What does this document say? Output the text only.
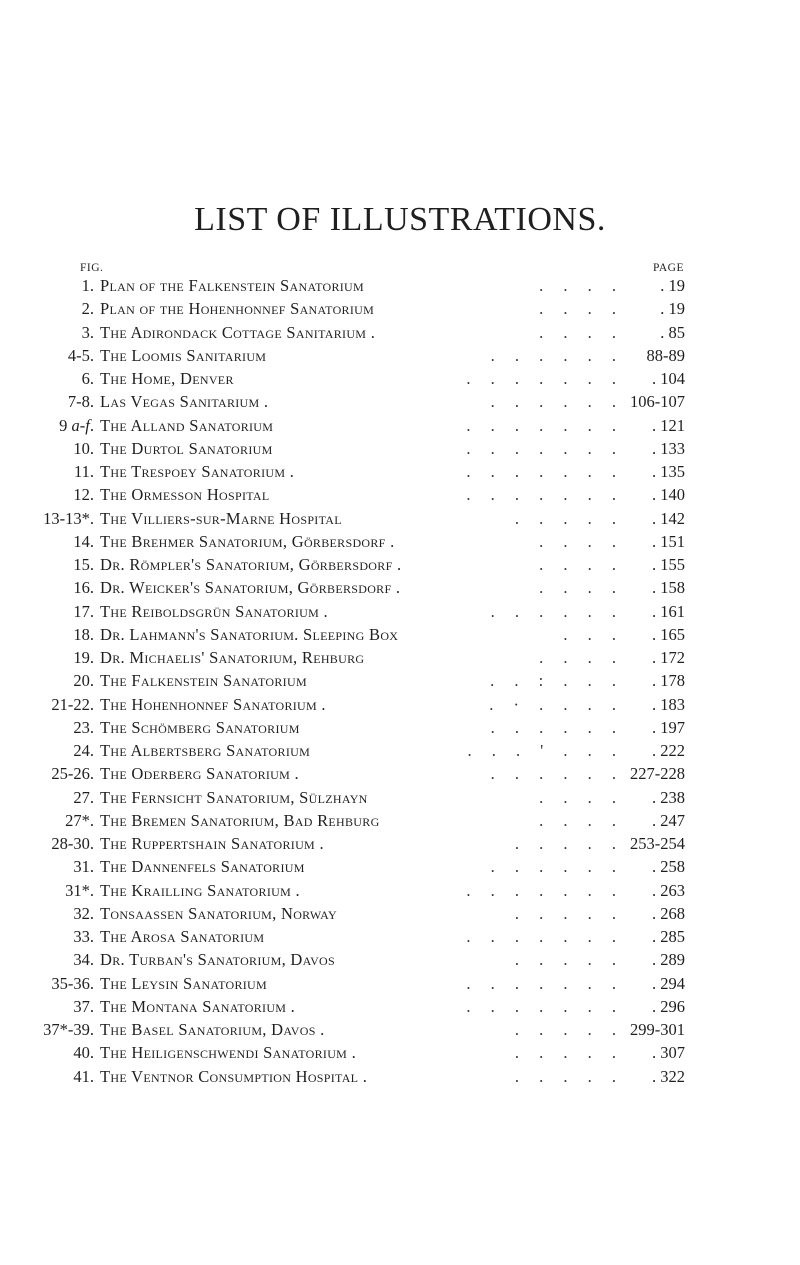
LIST OF ILLUSTRATIONS.
FIG.	PAGE
1. Plan of the Falkenstein Sanatorium	. . . . . 19
2. Plan of the Hohenhonnef Sanatorium	. . . . . 19
3. The Adirondack Cottage Sanitarium .	. . . . . 85
4-5. The Loomis Sanitarium	. . . . . . 88-89
6. The Home, Denver	. . . . . . . . 104
7-8. Las Vegas Sanitarium .	. . . . . . 106-107
9 a-f. The Alland Sanatorium	. . . . . . . . 121
10. The Durtol Sanatorium	. . . . . . . . 133
11. The Trespoey Sanatorium .	. . . . . . . . 135
12. The Ormesson Hospital	. . . . . . . . 140
13-13*. The Villiers-sur-Marne Hospital	. . . . . . 142
14. The Brehmer Sanatorium, Görbersdorf .	. . . . . 151
15. Dr. Römpler's Sanatorium, Görbersdorf .	. . . . . 155
16. Dr. Weicker's Sanatorium, Görbersdorf .	. . . . . 158
17. The Reiboldsgrün Sanatorium .	. . . . . . . 161
18. Dr. Lahmann's Sanatorium. Sleeping Box	. . . . 165
19. Dr. Michaelis' Sanatorium, Rehburg	. . . . . 172
20. The Falkenstein Sanatorium	. . : . . . . 178
21-22. The Hohenhonnef Sanatorium .	. · . . . . . 183
23. The Schömberg Sanatorium	. . . . . . . 197
24. The Albertsberg Sanatorium	. . . ' . . . . 222
25-26. The Oderberg Sanatorium .	. . . . . . 227-228
27. The Fernsicht Sanatorium, Sülzhayn	. . . . . 238
27*. The Bremen Sanatorium, Bad Rehburg	. . . . . 247
28-30. The Ruppertshain Sanatorium .	. . . . . 253-254
31. The Dannenfels Sanatorium	. . . . . . . 258
31*. The Krailling Sanatorium .	. . . . . . . . 263
32. Tonsaassen Sanatorium, Norway	. . . . . . 268
33. The Arosa Sanatorium	. . . . . . . . 285
34. Dr. Turban's Sanatorium, Davos	. . . . . . 289
35-36. The Leysin Sanatorium	. . . . . . . . 294
37. The Montana Sanatorium .	. . . . . . . . 296
37*-39. The Basel Sanatorium, Davos .	. . . . . 299-301
40. The Heiligenschwendi Sanatorium .	. . . . . . 307
41. The Ventnor Consumption Hospital .	. . . . . . 322
